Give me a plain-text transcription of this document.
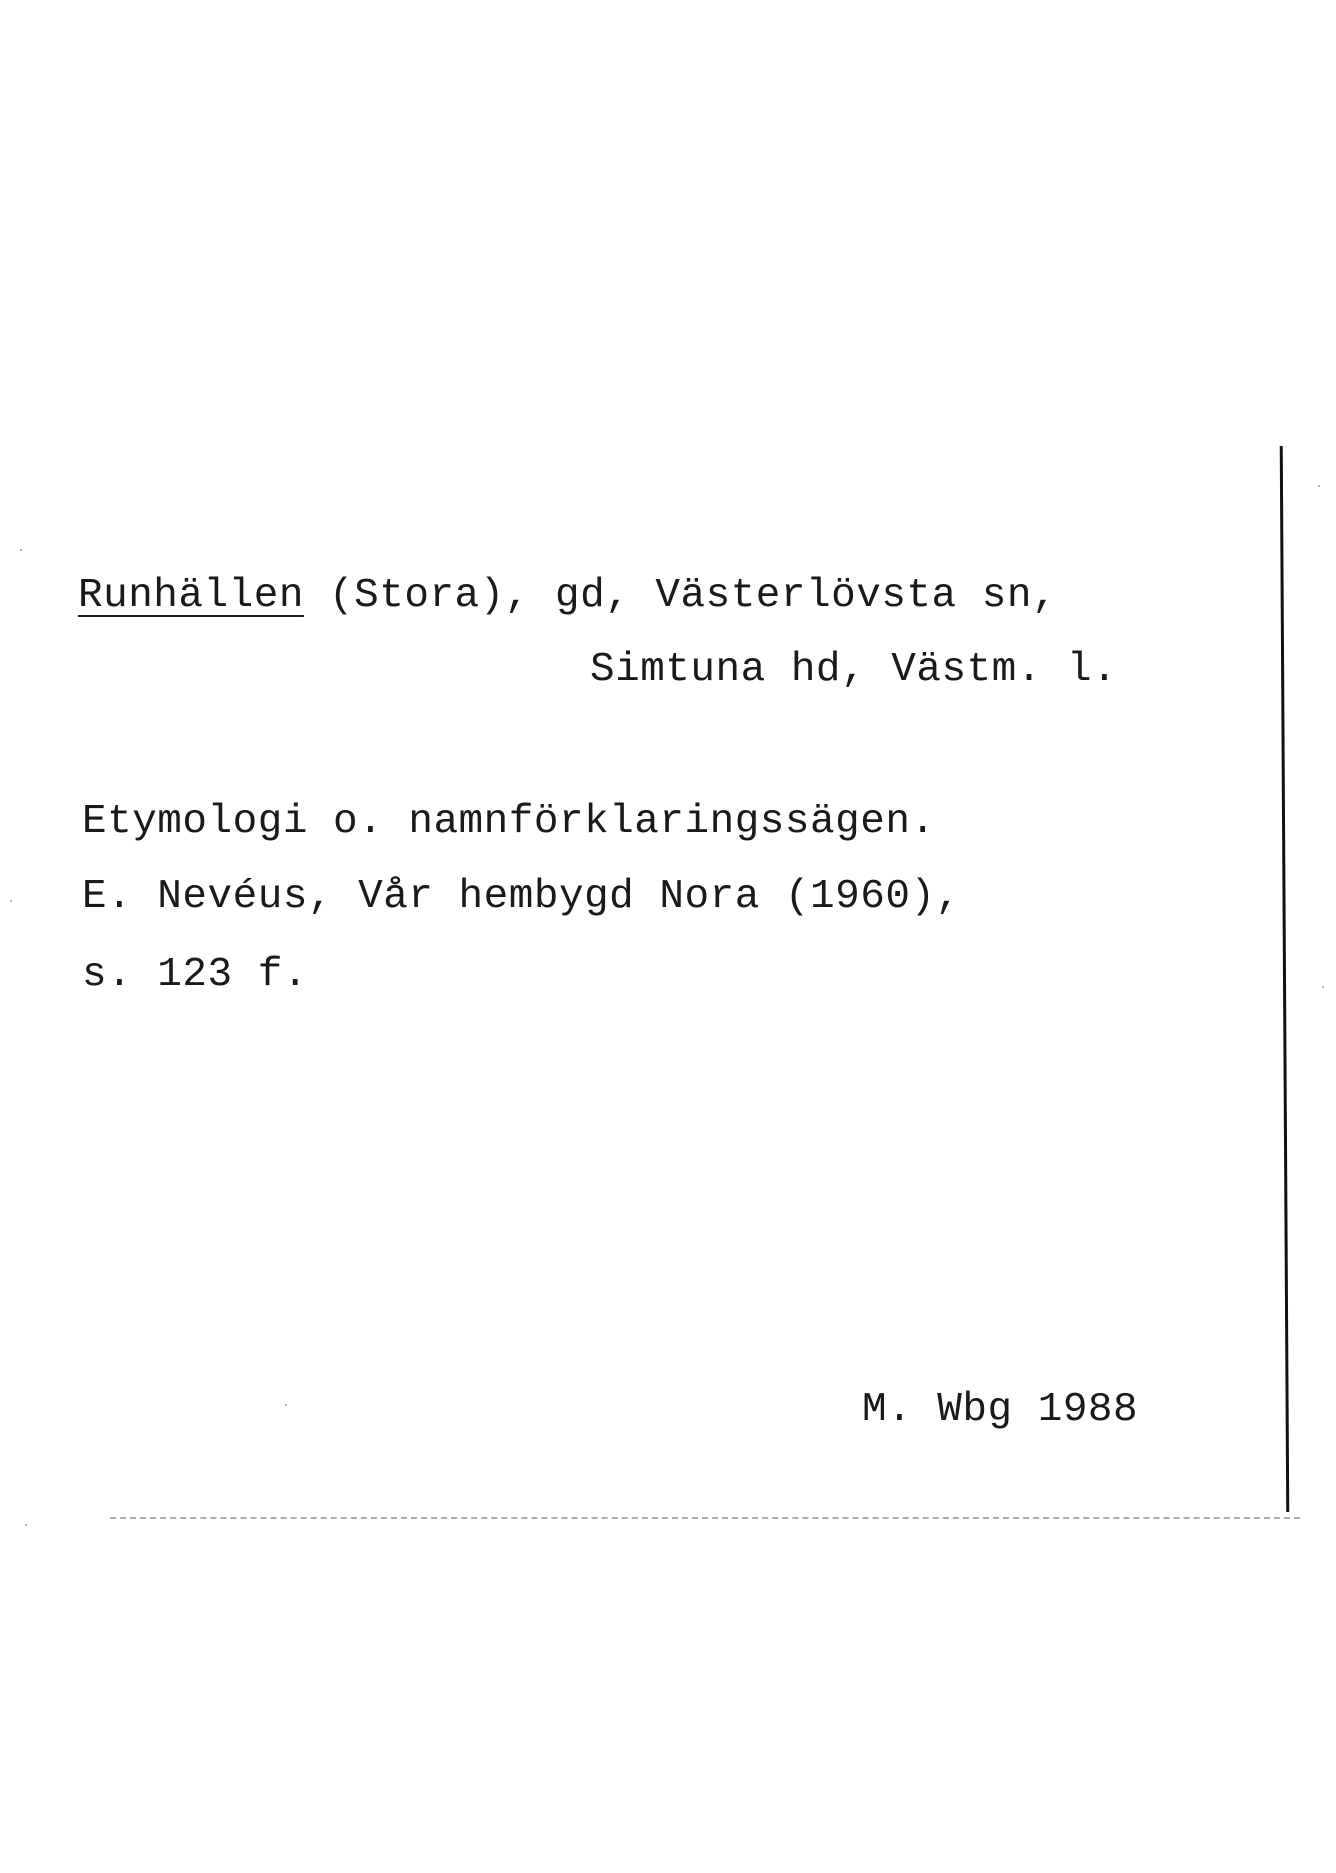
Runhällen (Stora), gd, Västerlövsta sn,
Simtuna hd, Västm. l.
Etymologi o. namnförklaringssägen.
E. Nevéus, Vår hembygd Nora (1960),
s. 123 f.
M. Wbg 1988
